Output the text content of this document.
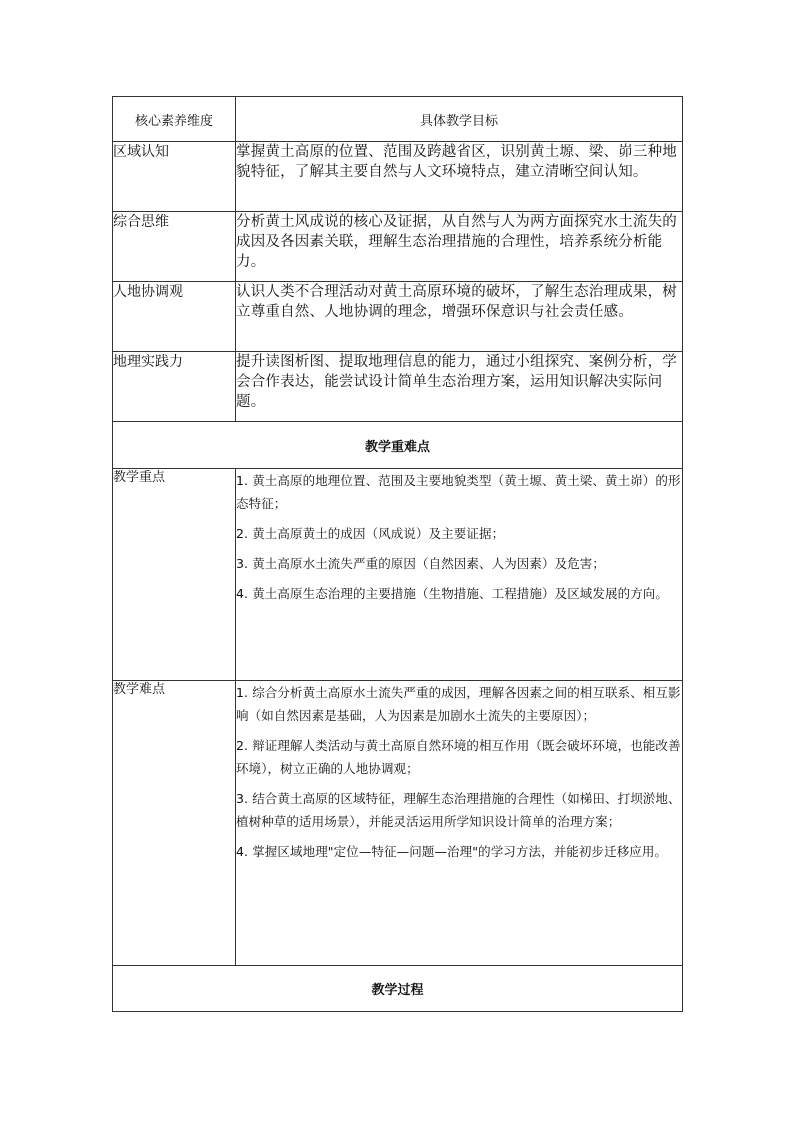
核心素养维度	具体教学目标
区域认知	掌握黄土高原的位置、范围及跨越省区，识别黄土塬、梁、峁三种地貌特征，了解其主要自然与人文环境特点，建立清晰空间认知。
综合思维	分析黄土风成说的核心及证据，从自然与人为两方面探究水土流失的成因及各因素关联，理解生态治理措施的合理性，培养系统分析能力。
人地协调观	认识人类不合理活动对黄土高原环境的破坏，了解生态治理成果，树立尊重自然、人地协调的理念，增强环保意识与社会责任感。
地理实践力	提升读图析图、提取地理信息的能力，通过小组探究、案例分析，学会合作表达，能尝试设计简单生态治理方案，运用知识解决实际问题。
教学重难点	
教学重点	1. 黄土高原的地理位置、范围及主要地貌类型（黄土塬、黄土梁、黄土峁）的形态特征；
2. 黄土高原黄土的成因（风成说）及主要证据；
3. 黄土高原水土流失严重的原因（自然因素、人为因素）及危害；
4. 黄土高原生态治理的主要措施（生物措施、工程措施）及区域发展的方向。

教学难点	1. 综合分析黄土高原水土流失严重的成因，理解各因素之间的相互联系、相互影响（如自然因素是基础，人为因素是加剧水土流失的主要原因）；
2. 辩证理解人类活动与黄土高原自然环境的相互作用（既会破坏环境，也能改善环境），树立正确的人地协调观；
3. 结合黄土高原的区域特征，理解生态治理措施的合理性（如梯田、打坝淤地、植树种草的适用场景），并能灵活运用所学知识设计简单的治理方案；
4. 掌握区域地理"定位—特征—问题—治理"的学习方法，并能初步迁移应用。

教学过程	
